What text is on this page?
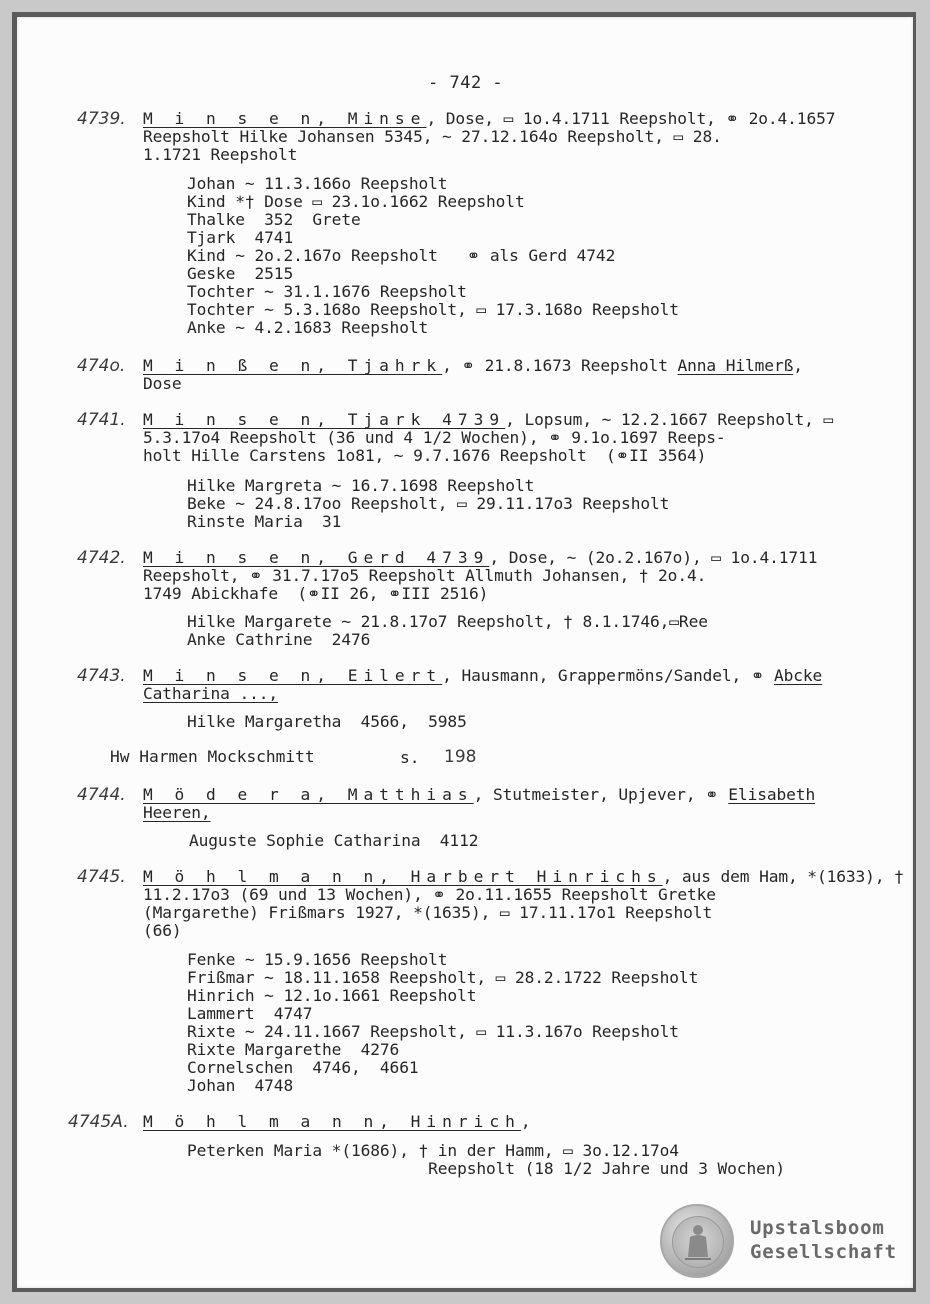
- 742 -
4739. M i n s e n, Minse, Dose, ▭ 1o.4.1711 Reepsholt, ⚭ 2o.4.1657
Reepsholt Hilke Johansen 5345, ~ 27.12.164o Reepsholt, ▭ 28.
1.1721 Reepsholt
Johan ~ 11.3.166o Reepsholt
Kind *† Dose ▭ 23.1o.1662 Reepsholt
Thalke  352  Grete
Tjark  4741
Kind ~ 2o.2.167o Reepsholt   ⚭ als Gerd 4742
Geske  2515
Tochter ~ 31.1.1676 Reepsholt
Tochter ~ 5.3.168o Reepsholt, ▭ 17.3.168o Reepsholt
Anke ~ 4.2.1683 Reepsholt
474o. M i n ß e n, Tjahrk, ⚭ 21.8.1673 Reepsholt Anna Hilmerß,
Dose
4741. M i n s e n, Tjark 4739, Lopsum, ~ 12.2.1667 Reepsholt, ▭
5.3.17o4 Reepsholt (36 und 4 1/2 Wochen), ⚭ 9.1o.1697 Reeps-
holt Hille Carstens 1o81, ~ 9.7.1676 Reepsholt  (⚭II 3564)
Hilke Margreta ~ 16.7.1698 Reepsholt
Beke ~ 24.8.17oo Reepsholt, ▭ 29.11.17o3 Reepsholt
Rinste Maria  31
4742. M i n s e n, Gerd 4739, Dose, ~ (2o.2.167o), ▭ 1o.4.1711
Reepsholt, ⚭ 31.7.17o5 Reepsholt Allmuth Johansen, † 2o.4.
1749 Abickhafe  (⚭II 26, ⚭III 2516)
Hilke Margarete ~ 21.8.17o7 Reepsholt, † 8.1.1746,▭Ree
Anke Cathrine  2476
4743. M i n s e n, Eilert, Hausmann, Grappermöns/Sandel, ⚭ Abcke
Catharina ...,
Hilke Margaretha  4566,  5985
Hw Harmen Mockschmitt	s. 198
4744. M ö d e r a, Matthias, Stutmeister, Upjever, ⚭ Elisabeth
Heeren,
Auguste Sophie Catharina  4112
4745. M ö h l m a n n, Harbert Hinrichs, aus dem Ham, *(1633), †
11.2.17o3 (69 und 13 Wochen), ⚭ 2o.11.1655 Reepsholt Gretke
(Margarethe) Frißmars 1927, *(1635), ▭ 17.11.17o1 Reepsholt
(66)
Fenke ~ 15.9.1656 Reepsholt
Frißmar ~ 18.11.1658 Reepsholt, ▭ 28.2.1722 Reepsholt
Hinrich ~ 12.1o.1661 Reepsholt
Lammert  4747
Rixte ~ 24.11.1667 Reepsholt, ▭ 11.3.167o Reepsholt
Rixte Margarethe  4276
Cornelschen  4746,  4661
Johan  4748
4745A. M ö h l m a n n, Hinrich,
Peterken Maria *(1686), † in der Hamm, ▭ 3o.12.17o4
Reepsholt (18 1/2 Jahre und 3 Wochen)
Upstalsboom
Gesellschaft
